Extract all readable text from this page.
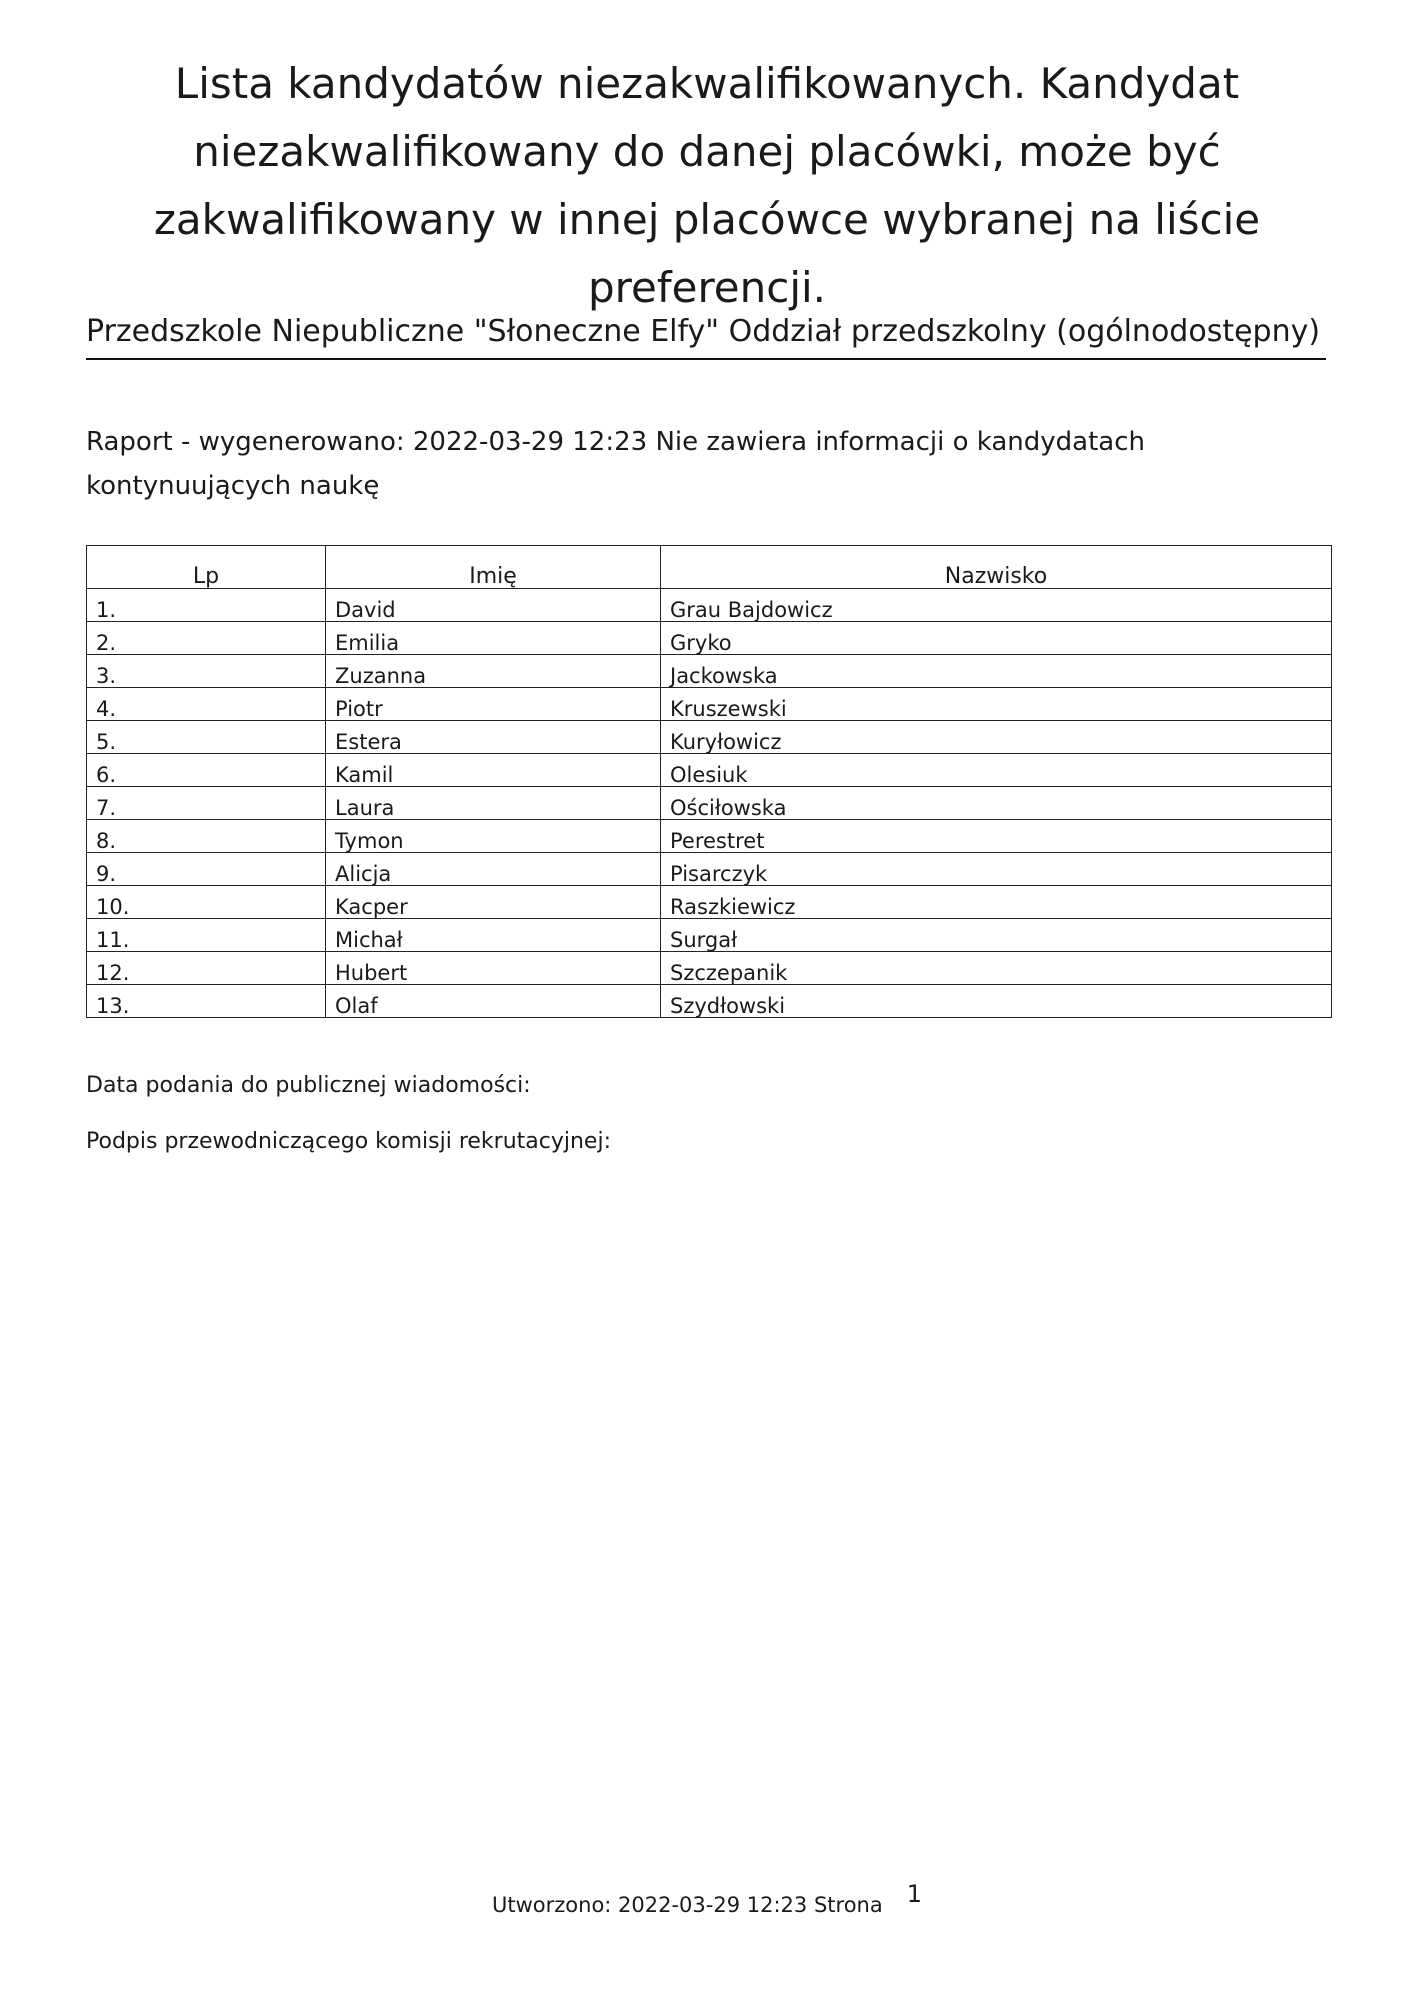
Lista kandydatów niezakwalifikowanych. Kandydat niezakwalifikowany do danej placówki, może być zakwalifikowany w innej placówce wybranej na liście preferencji.
Przedszkole Niepubliczne "Słoneczne Elfy" Oddział przedszkolny (ogólnodostępny)
Raport - wygenerowano: 2022-03-29 12:23 Nie zawiera informacji o kandydatach kontynuujących naukę
Lp	Imię	Nazwisko
1.	David	Grau Bajdowicz
2.	Emilia	Gryko
3.	Zuzanna	Jackowska
4.	Piotr	Kruszewski
5.	Estera	Kuryłowicz
6.	Kamil	Olesiuk
7.	Laura	Ościłowska
8.	Tymon	Perestret
9.	Alicja	Pisarczyk
10.	Kacper	Raszkiewicz
11.	Michał	Surgał
12.	Hubert	Szczepanik
13.	Olaf	Szydłowski
Data podania do publicznej wiadomości:
Podpis przewodniczącego komisji rekrutacyjnej:
Utworzono: 2022-03-29 12:23 Strona 1
